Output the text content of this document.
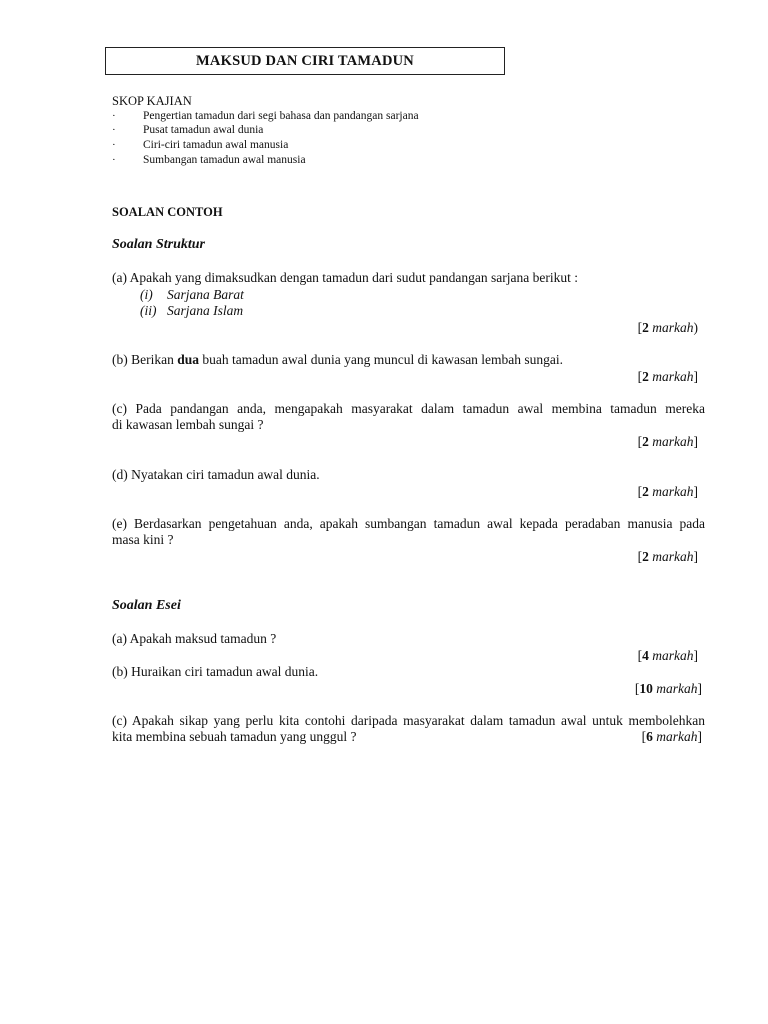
MAKSUD DAN CIRI TAMADUN
SKOP KAJIAN
· Pengertian tamadun dari segi bahasa dan pandangan sarjana
· Pusat tamadun awal dunia
· Ciri-ciri tamadun awal manusia
· Sumbangan tamadun awal manusia
SOALAN CONTOH
Soalan Struktur
(a) Apakah yang dimaksudkan dengan tamadun dari sudut pandangan sarjana berikut :
(i) Sarjana Barat
(ii) Sarjana Islam
[2 markah)
(b) Berikan dua buah tamadun awal dunia yang muncul di kawasan lembah sungai.
[2 markah]
(c) Pada pandangan anda, mengapakah masyarakat dalam tamadun awal membina tamadun mereka
di kawasan lembah sungai ?
[2 markah]
(d) Nyatakan ciri tamadun awal dunia.
[2 markah]
(e) Berdasarkan pengetahuan anda, apakah sumbangan tamadun awal kepada peradaban manusia pada
masa kini ?
[2 markah]
Soalan Esei
(a) Apakah maksud tamadun ?
[4 markah]
(b) Huraikan ciri tamadun awal dunia.
[10 markah]
(c) Apakah sikap yang perlu kita contohi daripada masyarakat dalam tamadun awal untuk membolehkan
kita membina sebuah tamadun yang unggul ?	[6 markah]
